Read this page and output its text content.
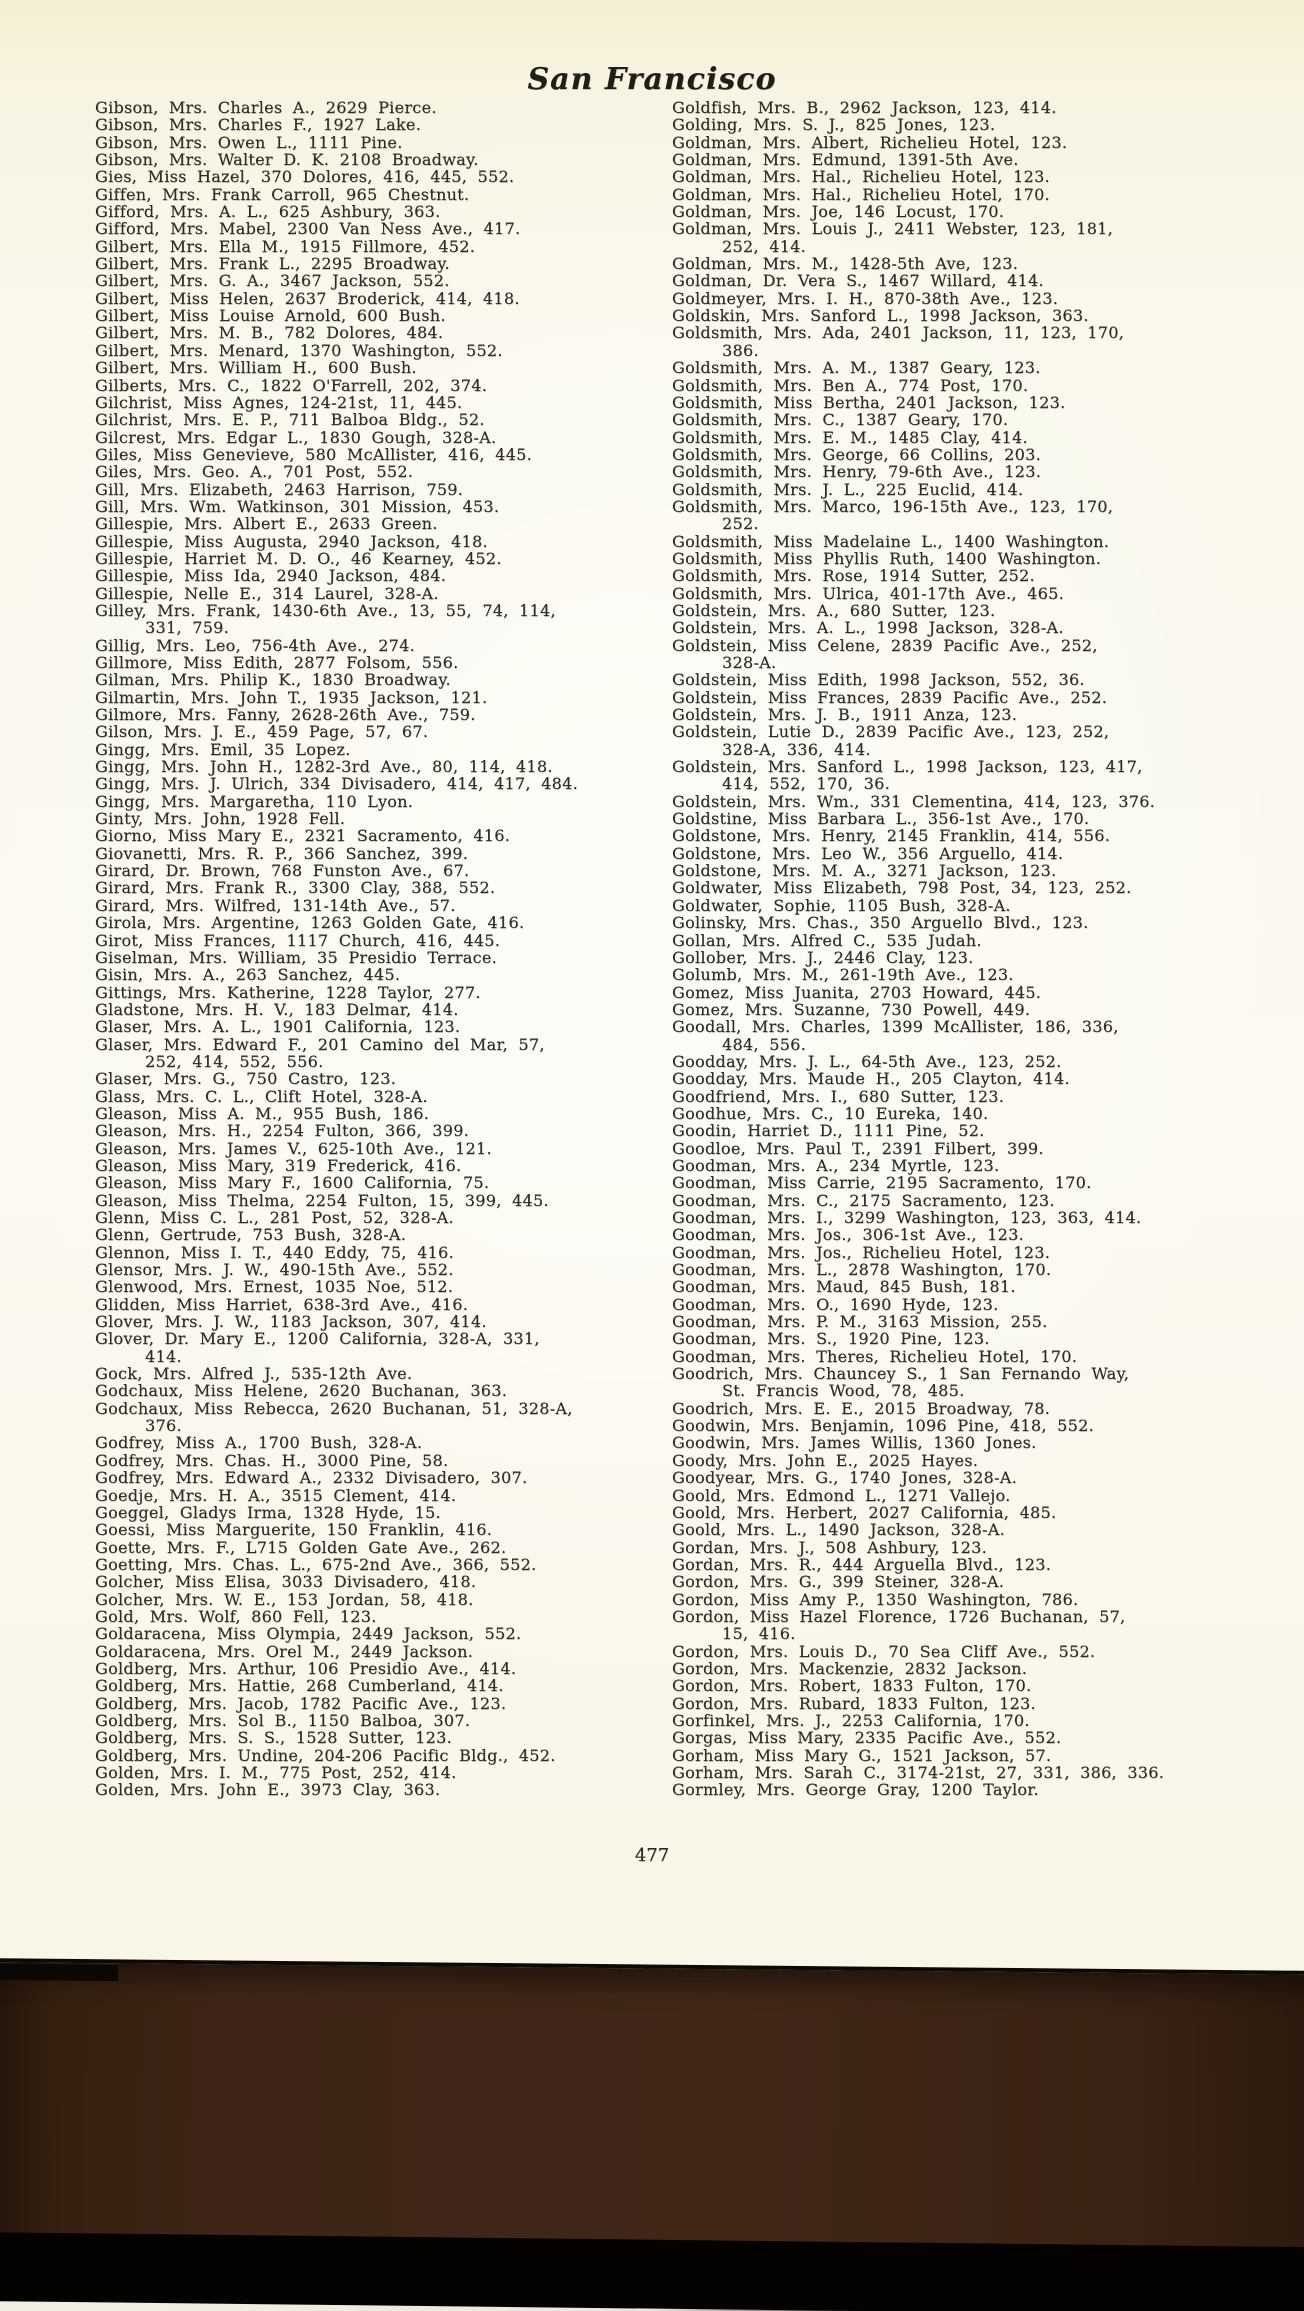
San Francisco
Gibson, Mrs. Charles A., 2629 Pierce.
Gibson, Mrs. Charles F., 1927 Lake.
Gibson, Mrs. Owen L., 1111 Pine.
Gibson, Mrs. Walter D. K. 2108 Broadway.
Gies, Miss Hazel, 370 Dolores, 416, 445, 552.
Giffen, Mrs. Frank Carroll, 965 Chestnut.
Gifford, Mrs. A. L., 625 Ashbury, 363.
Gifford, Mrs. Mabel, 2300 Van Ness Ave., 417.
Gilbert, Mrs. Ella M., 1915 Fillmore, 452.
Gilbert, Mrs. Frank L., 2295 Broadway.
Gilbert, Mrs. G. A., 3467 Jackson, 552.
Gilbert, Miss Helen, 2637 Broderick, 414, 418.
Gilbert, Miss Louise Arnold, 600 Bush.
Gilbert, Mrs. M. B., 782 Dolores, 484.
Gilbert, Mrs. Menard, 1370 Washington, 552.
Gilbert, Mrs. William H., 600 Bush.
Gilberts, Mrs. C., 1822 O'Farrell, 202, 374.
Gilchrist, Miss Agnes, 124-21st, 11, 445.
Gilchrist, Mrs. E. P., 711 Balboa Bldg., 52.
Gilcrest, Mrs. Edgar L., 1830 Gough, 328-A.
Giles, Miss Genevieve, 580 McAllister, 416, 445.
Giles, Mrs. Geo. A., 701 Post, 552.
Gill, Mrs. Elizabeth, 2463 Harrison, 759.
Gill, Mrs. Wm. Watkinson, 301 Mission, 453.
Gillespie, Mrs. Albert E., 2633 Green.
Gillespie, Miss Augusta, 2940 Jackson, 418.
Gillespie, Harriet M. D. O., 46 Kearney, 452.
Gillespie, Miss Ida, 2940 Jackson, 484.
Gillespie, Nelle E., 314 Laurel, 328-A.
Gilley, Mrs. Frank, 1430-6th Ave., 13, 55, 74, 114,
331, 759.
Gillig, Mrs. Leo, 756-4th Ave., 274.
Gillmore, Miss Edith, 2877 Folsom, 556.
Gilman, Mrs. Philip K., 1830 Broadway.
Gilmartin, Mrs. John T., 1935 Jackson, 121.
Gilmore, Mrs. Fanny, 2628-26th Ave., 759.
Gilson, Mrs. J. E., 459 Page, 57, 67.
Gingg, Mrs. Emil, 35 Lopez.
Gingg, Mrs. John H., 1282-3rd Ave., 80, 114, 418.
Gingg, Mrs. J. Ulrich, 334 Divisadero, 414, 417, 484.
Gingg, Mrs. Margaretha, 110 Lyon.
Ginty, Mrs. John, 1928 Fell.
Giorno, Miss Mary E., 2321 Sacramento, 416.
Giovanetti, Mrs. R. P., 366 Sanchez, 399.
Girard, Dr. Brown, 768 Funston Ave., 67.
Girard, Mrs. Frank R., 3300 Clay, 388, 552.
Girard, Mrs. Wilfred, 131-14th Ave., 57.
Girola, Mrs. Argentine, 1263 Golden Gate, 416.
Girot, Miss Frances, 1117 Church, 416, 445.
Giselman, Mrs. William, 35 Presidio Terrace.
Gisin, Mrs. A., 263 Sanchez, 445.
Gittings, Mrs. Katherine, 1228 Taylor, 277.
Gladstone, Mrs. H. V., 183 Delmar, 414.
Glaser, Mrs. A. L., 1901 California, 123.
Glaser, Mrs. Edward F., 201 Camino del Mar, 57,
252, 414, 552, 556.
Glaser, Mrs. G., 750 Castro, 123.
Glass, Mrs. C. L., Clift Hotel, 328-A.
Gleason, Miss A. M., 955 Bush, 186.
Gleason, Mrs. H., 2254 Fulton, 366, 399.
Gleason, Mrs. James V., 625-10th Ave., 121.
Gleason, Miss Mary, 319 Frederick, 416.
Gleason, Miss Mary F., 1600 California, 75.
Gleason, Miss Thelma, 2254 Fulton, 15, 399, 445.
Glenn, Miss C. L., 281 Post, 52, 328-A.
Glenn, Gertrude, 753 Bush, 328-A.
Glennon, Miss I. T., 440 Eddy, 75, 416.
Glensor, Mrs. J. W., 490-15th Ave., 552.
Glenwood, Mrs. Ernest, 1035 Noe, 512.
Glidden, Miss Harriet, 638-3rd Ave., 416.
Glover, Mrs. J. W., 1183 Jackson, 307, 414.
Glover, Dr. Mary E., 1200 California, 328-A, 331,
414.
Gock, Mrs. Alfred J., 535-12th Ave.
Godchaux, Miss Helene, 2620 Buchanan, 363.
Godchaux, Miss Rebecca, 2620 Buchanan, 51, 328-A,
376.
Godfrey, Miss A., 1700 Bush, 328-A.
Godfrey, Mrs. Chas. H., 3000 Pine, 58.
Godfrey, Mrs. Edward A., 2332 Divisadero, 307.
Goedje, Mrs. H. A., 3515 Clement, 414.
Goeggel, Gladys Irma, 1328 Hyde, 15.
Goessi, Miss Marguerite, 150 Franklin, 416.
Goette, Mrs. F., L715 Golden Gate Ave., 262.
Goetting, Mrs. Chas. L., 675-2nd Ave., 366, 552.
Golcher, Miss Elisa, 3033 Divisadero, 418.
Golcher, Mrs. W. E., 153 Jordan, 58, 418.
Gold, Mrs. Wolf, 860 Fell, 123.
Goldaracena, Miss Olympia, 2449 Jackson, 552.
Goldaracena, Mrs. Orel M., 2449 Jackson.
Goldberg, Mrs. Arthur, 106 Presidio Ave., 414.
Goldberg, Mrs. Hattie, 268 Cumberland, 414.
Goldberg, Mrs. Jacob, 1782 Pacific Ave., 123.
Goldberg, Mrs. Sol B., 1150 Balboa, 307.
Goldberg, Mrs. S. S., 1528 Sutter, 123.
Goldberg, Mrs. Undine, 204-206 Pacific Bldg., 452.
Golden, Mrs. I. M., 775 Post, 252, 414.
Golden, Mrs. John E., 3973 Clay, 363.
Goldfish, Mrs. B., 2962 Jackson, 123, 414.
Golding, Mrs. S. J., 825 Jones, 123.
Goldman, Mrs. Albert, Richelieu Hotel, 123.
Goldman, Mrs. Edmund, 1391-5th Ave.
Goldman, Mrs. Hal., Richelieu Hotel, 123.
Goldman, Mrs. Hal., Richelieu Hotel, 170.
Goldman, Mrs. Joe, 146 Locust, 170.
Goldman, Mrs. Louis J., 2411 Webster, 123, 181,
252, 414.
Goldman, Mrs. M., 1428-5th Ave, 123.
Goldman, Dr. Vera S., 1467 Willard, 414.
Goldmeyer, Mrs. I. H., 870-38th Ave., 123.
Goldskin, Mrs. Sanford L., 1998 Jackson, 363.
Goldsmith, Mrs. Ada, 2401 Jackson, 11, 123, 170,
386.
Goldsmith, Mrs. A. M., 1387 Geary, 123.
Goldsmith, Mrs. Ben A., 774 Post, 170.
Goldsmith, Miss Bertha, 2401 Jackson, 123.
Goldsmith, Mrs. C., 1387 Geary, 170.
Goldsmith, Mrs. E. M., 1485 Clay, 414.
Goldsmith, Mrs. George, 66 Collins, 203.
Goldsmith, Mrs. Henry, 79-6th Ave., 123.
Goldsmith, Mrs. J. L., 225 Euclid, 414.
Goldsmith, Mrs. Marco, 196-15th Ave., 123, 170,
252.
Goldsmith, Miss Madelaine L., 1400 Washington.
Goldsmith, Miss Phyllis Ruth, 1400 Washington.
Goldsmith, Mrs. Rose, 1914 Sutter, 252.
Goldsmith, Mrs. Ulrica, 401-17th Ave., 465.
Goldstein, Mrs. A., 680 Sutter, 123.
Goldstein, Mrs. A. L., 1998 Jackson, 328-A.
Goldstein, Miss Celene, 2839 Pacific Ave., 252,
328-A.
Goldstein, Miss Edith, 1998 Jackson, 552, 36.
Goldstein, Miss Frances, 2839 Pacific Ave., 252.
Goldstein, Mrs. J. B., 1911 Anza, 123.
Goldstein, Lutie D., 2839 Pacific Ave., 123, 252,
328-A, 336, 414.
Goldstein, Mrs. Sanford L., 1998 Jackson, 123, 417,
414, 552, 170, 36.
Goldstein, Mrs. Wm., 331 Clementina, 414, 123, 376.
Goldstine, Miss Barbara L., 356-1st Ave., 170.
Goldstone, Mrs. Henry, 2145 Franklin, 414, 556.
Goldstone, Mrs. Leo W., 356 Arguello, 414.
Goldstone, Mrs. M. A., 3271 Jackson, 123.
Goldwater, Miss Elizabeth, 798 Post, 34, 123, 252.
Goldwater, Sophie, 1105 Bush, 328-A.
Golinsky, Mrs. Chas., 350 Arguello Blvd., 123.
Gollan, Mrs. Alfred C., 535 Judah.
Gollober, Mrs. J., 2446 Clay, 123.
Golumb, Mrs. M., 261-19th Ave., 123.
Gomez, Miss Juanita, 2703 Howard, 445.
Gomez, Mrs. Suzanne, 730 Powell, 449.
Goodall, Mrs. Charles, 1399 McAllister, 186, 336,
484, 556.
Goodday, Mrs. J. L., 64-5th Ave., 123, 252.
Goodday, Mrs. Maude H., 205 Clayton, 414.
Goodfriend, Mrs. I., 680 Sutter, 123.
Goodhue, Mrs. C., 10 Eureka, 140.
Goodin, Harriet D., 1111 Pine, 52.
Goodloe, Mrs. Paul T., 2391 Filbert, 399.
Goodman, Mrs. A., 234 Myrtle, 123.
Goodman, Miss Carrie, 2195 Sacramento, 170.
Goodman, Mrs. C., 2175 Sacramento, 123.
Goodman, Mrs. I., 3299 Washington, 123, 363, 414.
Goodman, Mrs. Jos., 306-1st Ave., 123.
Goodman, Mrs. Jos., Richelieu Hotel, 123.
Goodman, Mrs. L., 2878 Washington, 170.
Goodman, Mrs. Maud, 845 Bush, 181.
Goodman, Mrs. O., 1690 Hyde, 123.
Goodman, Mrs. P. M., 3163 Mission, 255.
Goodman, Mrs. S., 1920 Pine, 123.
Goodman, Mrs. Theres, Richelieu Hotel, 170.
Goodrich, Mrs. Chauncey S., 1 San Fernando Way,
St. Francis Wood, 78, 485.
Goodrich, Mrs. E. E., 2015 Broadway, 78.
Goodwin, Mrs. Benjamin, 1096 Pine, 418, 552.
Goodwin, Mrs. James Willis, 1360 Jones.
Goody, Mrs. John E., 2025 Hayes.
Goodyear, Mrs. G., 1740 Jones, 328-A.
Goold, Mrs. Edmond L., 1271 Vallejo.
Goold, Mrs. Herbert, 2027 California, 485.
Goold, Mrs. L., 1490 Jackson, 328-A.
Gordan, Mrs. J., 508 Ashbury, 123.
Gordan, Mrs. R., 444 Arguella Blvd., 123.
Gordon, Mrs. G., 399 Steiner, 328-A.
Gordon, Miss Amy P., 1350 Washington, 786.
Gordon, Miss Hazel Florence, 1726 Buchanan, 57,
15, 416.
Gordon, Mrs. Louis D., 70 Sea Cliff Ave., 552.
Gordon, Mrs. Mackenzie, 2832 Jackson.
Gordon, Mrs. Robert, 1833 Fulton, 170.
Gordon, Mrs. Rubard, 1833 Fulton, 123.
Gorfinkel, Mrs. J., 2253 California, 170.
Gorgas, Miss Mary, 2335 Pacific Ave., 552.
Gorham, Miss Mary G., 1521 Jackson, 57.
Gorham, Mrs. Sarah C., 3174-21st, 27, 331, 386, 336.
Gormley, Mrs. George Gray, 1200 Taylor.
477
